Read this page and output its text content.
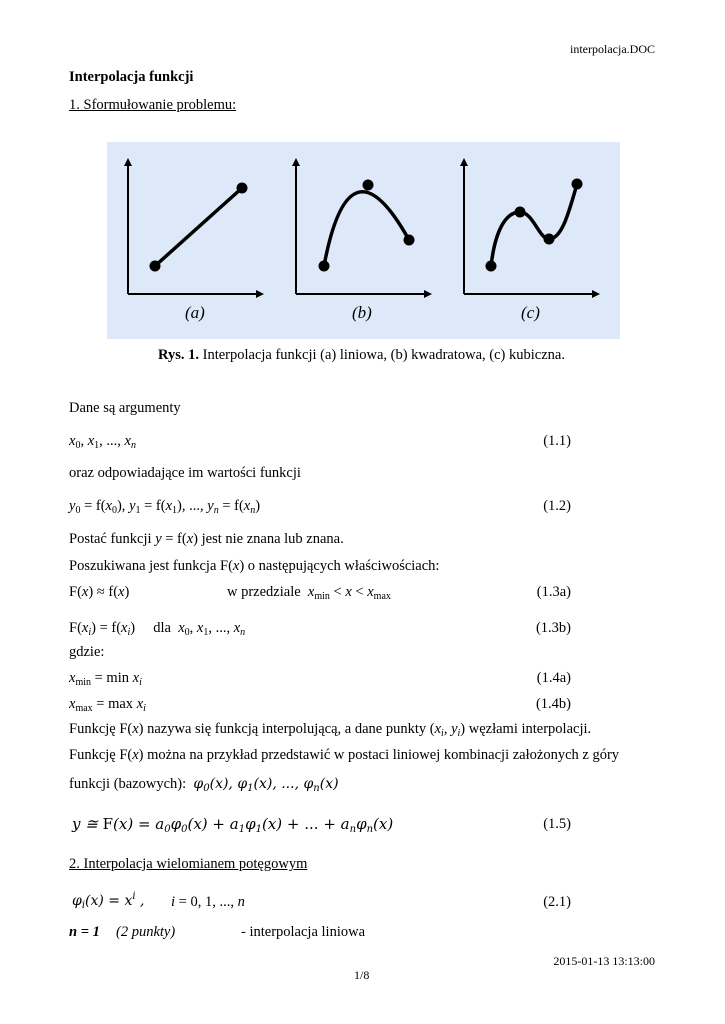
interpolacja.DOC
Interpolacja funkcji
1. Sformułowanie problemu:
(a)	(b)	(c)
Rys. 1. Interpolacja funkcji (a) liniowa, (b) kwadratowa, (c) kubiczna.
Dane są argumenty
$x_0$, $x_1$, ..., $x_n$	(1.1)
oraz odpowiadające im wartości funkcji
$y_0 = f(x_0)$, $y_1 = f(x_1)$, ..., $y_n = f(x_n)$	(1.2)
Postać funkcji y = f(x) jest nie znana lub znana.
Poszukiwana jest funkcja F(x) o następujących właściwościach:
F(x) ≈ f(x)	w przedziale $x_{min} < x < x_{max}$	(1.3a)
$F(x_i) = f(x_i)$     dla $x_0$, $x_1$, ..., $x_n$	(1.3b)
gdzie:
$x_{min} = \min x_i$	(1.4a)
$x_{max} = \max x_i$	(1.4b)
Funkcję F(x) nazywa się funkcją interpolującą, a dane punkty ($x_i$, $y_i$) węzłami interpolacji.
Funkcję F(x) można na przykład przedstawić w postaci liniowej kombinacji założonych z góry
funkcji (bazowych): $\varphi_0(x)$, $\varphi_1(x)$, ..., $\varphi_n(x)$
y ≅ $F(x) = a_0\varphi_0(x) + a_1\varphi_1(x)$ + ... + $a_n\varphi_n(x)$	(1.5)
2. Interpolacja wielomianem potęgowym
$\varphi_i(x) = x^i$ , i = 0, 1, ..., n	(2.1)
n = 1 (2 punkty)	- interpolacja liniowa
2015-01-13 13:13:00
1/8
